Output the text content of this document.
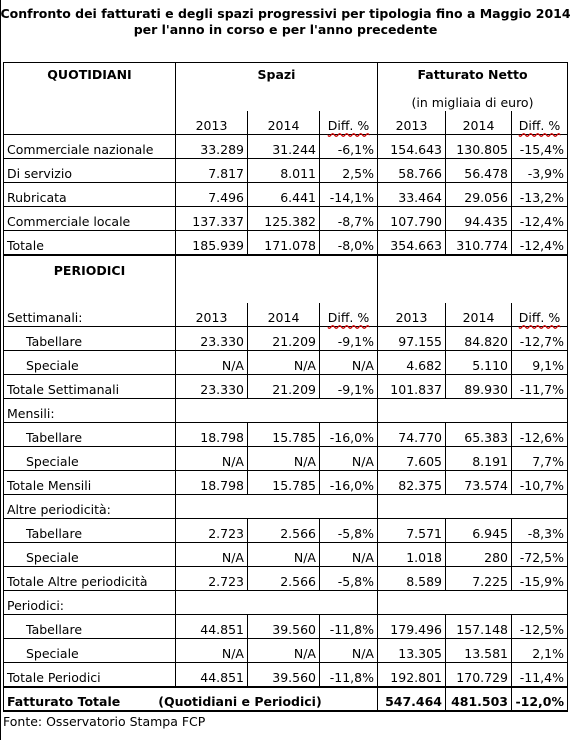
Confronto dei fatturati e degli spazi progressivi per tipologia fino a Maggio 2014
per l'anno in corso e per l'anno precedente
QUOTIDIANI	Spazi			Fatturato Netto		
				(in migliaia di euro)		
	2013	2014	Diff. %	2013	2014	Diff. %
Commerciale nazionale	33.289	31.244	-6,1%	154.643	130.805	-15,4%
Di servizio	7.817	8.011	2,5%	58.766	56.478	-3,9%
Rubricata	7.496	6.441	-14,1%	33.464	29.056	-13,2%
Commerciale locale	137.337	125.382	-8,7%	107.790	94.435	-12,4%
Totale	185.939	171.078	-8,0%	354.663	310.774	-12,4%
PERIODICI						

Settimanali:	2013	2014	Diff. %	2013	2014	Diff. %
Tabellare	23.330	21.209	-9,1%	97.155	84.820	-12,7%
Speciale	N/A	N/A	N/A	4.682	5.110	9,1%
Totale Settimanali	23.330	21.209	-9,1%	101.837	89.930	-11,7%
Mensili:						
Tabellare	18.798	15.785	-16,0%	74.770	65.383	-12,6%
Speciale	N/A	N/A	N/A	7.605	8.191	7,7%
Totale Mensili	18.798	15.785	-16,0%	82.375	73.574	-10,7%
Altre periodicità:						
Tabellare	2.723	2.566	-5,8%	7.571	6.945	-8,3%
Speciale	N/A	N/A	N/A	1.018	280	-72,5%
Totale Altre periodicità	2.723	2.566	-5,8%	8.589	7.225	-15,9%
Periodici:						
Tabellare	44.851	39.560	-11,8%	179.496	157.148	-12,5%
Speciale	N/A	N/A	N/A	13.305	13.581	2,1%
Totale Periodici	44.851	39.560	-11,8%	192.801	170.729	-11,4%
Fatturato Totale (Quotidiani e Periodici)				547.464	481.503	-12,0%
Fonte: Osservatorio Stampa FCP
